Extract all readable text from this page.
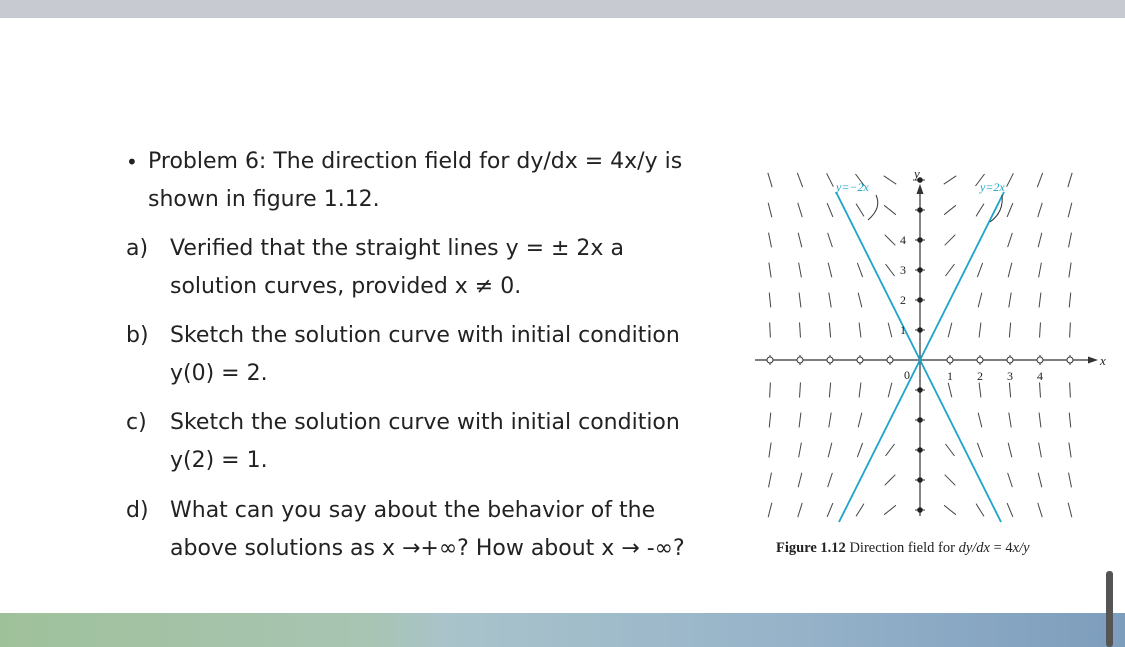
• Problem 6: The direction field for dy/dx = 4x/y is
shown in figure 1.12.
a) Verified that the straight lines y = ± 2x a
solution curves, provided x ≠ 0.
b) Sketch the solution curve with initial condition
y(0) = 2.
c) Sketch the solution curve with initial condition
y(2) = 1.
d) What can you say about the behavior of the
above solutions as x →+∞? How about x → -∞?
y=−2x	y=2x
x
y
0	1 2 3 4
1
2
3
4
Figure 1.12 Direction field for dy/dx = 4x/y
